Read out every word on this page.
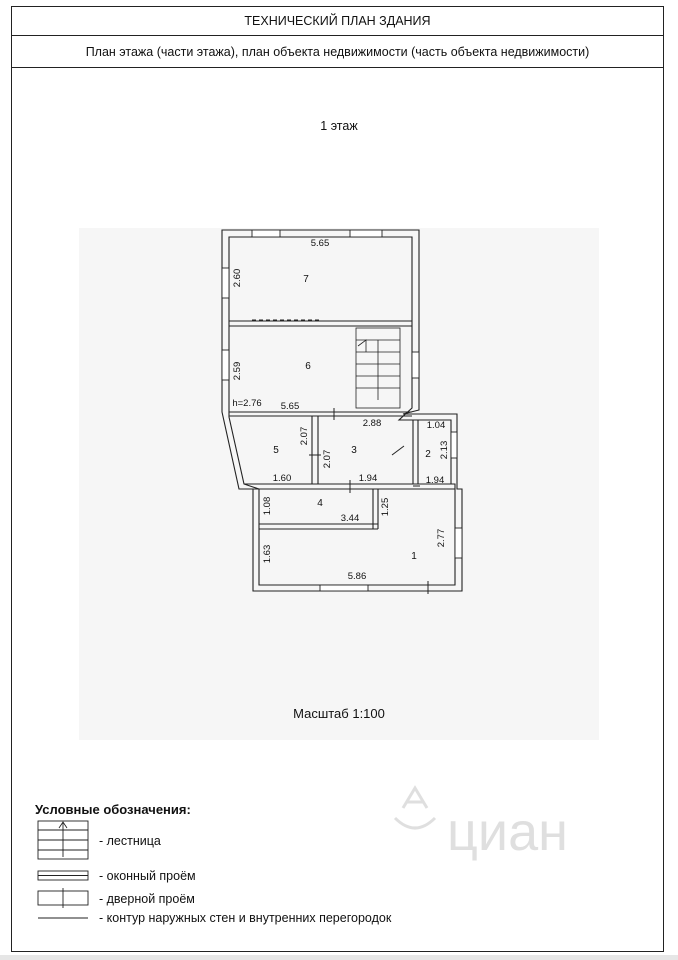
ТЕХНИЧЕСКИЙ ПЛАН ЗДАНИЯ
План этажа (части этажа), план объекта недвижимости (часть объекта недвижимости)
1 этаж
Масштаб 1:100
7
6
5	3	2
4
1
5.65
2.60
2.59
h=2.76 5.65
2.88	1.04
2.07
2.07	2.13
1.60	1.94	1.94
1.08	1.25
3.44
1.63
2.77
5.86
Условные обозначения:
- лестница
- оконный проём
- дверной проём
- контур наружных стен и внутренних перегородок
циан
